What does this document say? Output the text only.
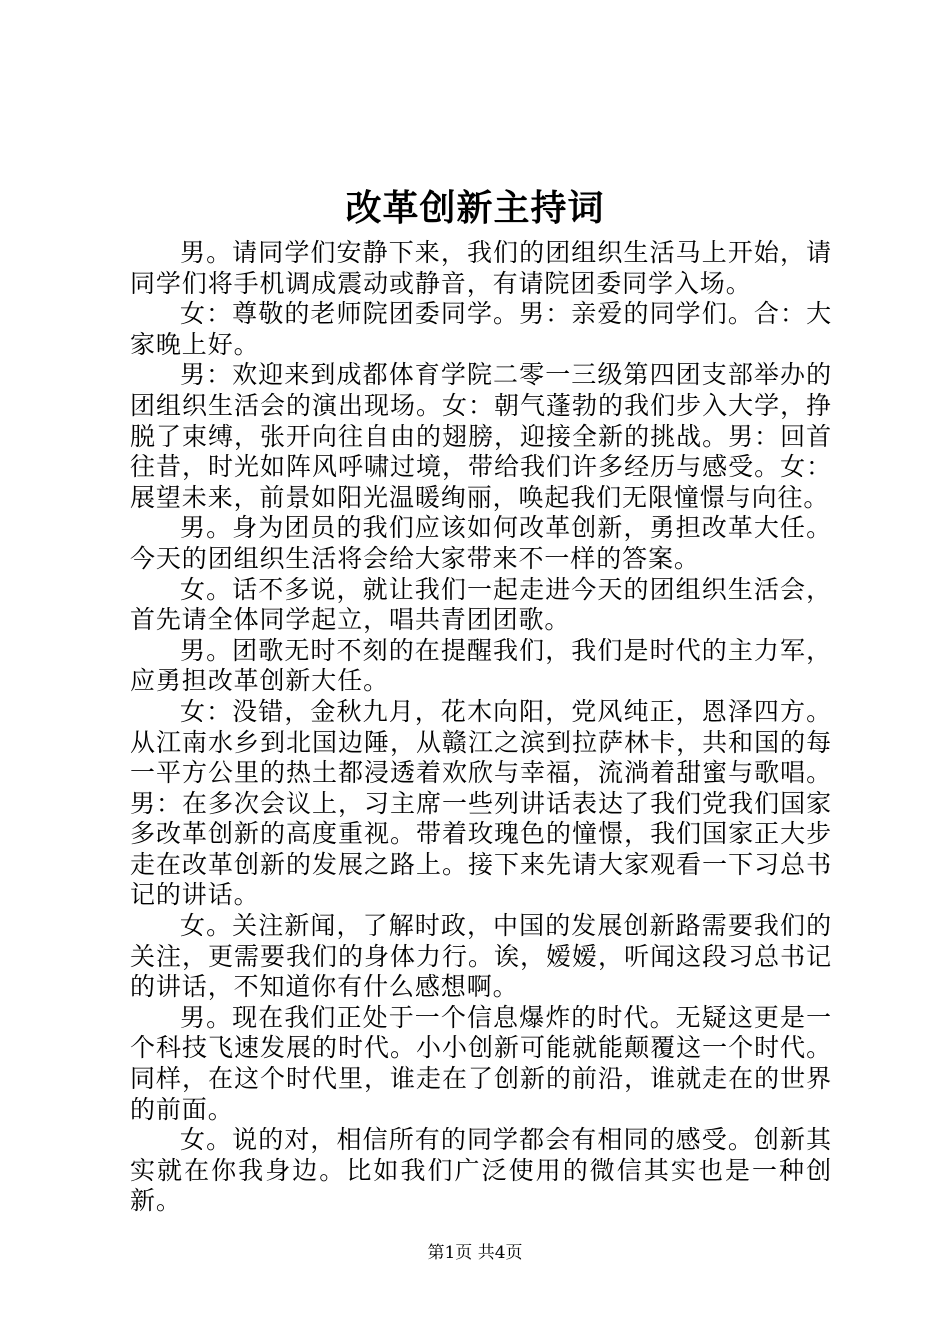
改革创新主持词

男。请同学们安静下来，我们的团组织生活马上开始，请同学们将手机调成震动或静音，有请院团委同学入场。

女：尊敬的老师院团委同学。男：亲爱的同学们。合：大家晚上好。

男：欢迎来到成都体育学院二零一三级第四团支部举办的团组织生活会的演出现场。女：朝气蓬勃的我们步入大学，挣脱了束缚，张开向往自由的翅膀，迎接全新的挑战。男：回首往昔，时光如阵风呼啸过境，带给我们许多经历与感受。女：展望未来，前景如阳光温暖绚丽，唤起我们无限憧憬与向往。

男。身为团员的我们应该如何改革创新，勇担改革大任。今天的团组织生活将会给大家带来不一样的答案。

女。话不多说，就让我们一起走进今天的团组织生活会，首先请全体同学起立，唱共青团团歌。

男。团歌无时不刻的在提醒我们，我们是时代的主力军，应勇担改革创新大任。

女：没错，金秋九月，花木向阳，党风纯正，恩泽四方。从江南水乡到北国边陲，从赣江之滨到拉萨林卡，共和国的每一平方公里的热土都浸透着欢欣与幸福，流淌着甜蜜与歌唱。男：在多次会议上，习主席一些列讲话表达了我们党我们国家多改革创新的高度重视。带着玫瑰色的憧憬，我们国家正大步走在改革创新的发展之路上。接下来先请大家观看一下习总书记的讲话。

女。关注新闻，了解时政，中国的发展创新路需要我们的关注，更需要我们的身体力行。诶，嫒嫒，听闻这段习总书记的讲话，不知道你有什么感想啊。

男。现在我们正处于一个信息爆炸的时代。无疑这更是一个科技飞速发展的时代。小小创新可能就能颠覆这一个时代。同样，在这个时代里，谁走在了创新的前沿，谁就走在的世界的前面。

女。说的对，相信所有的同学都会有相同的感受。创新其实就在你我身边。比如我们广泛使用的微信其实也是一种创新。

第1页 共4页
